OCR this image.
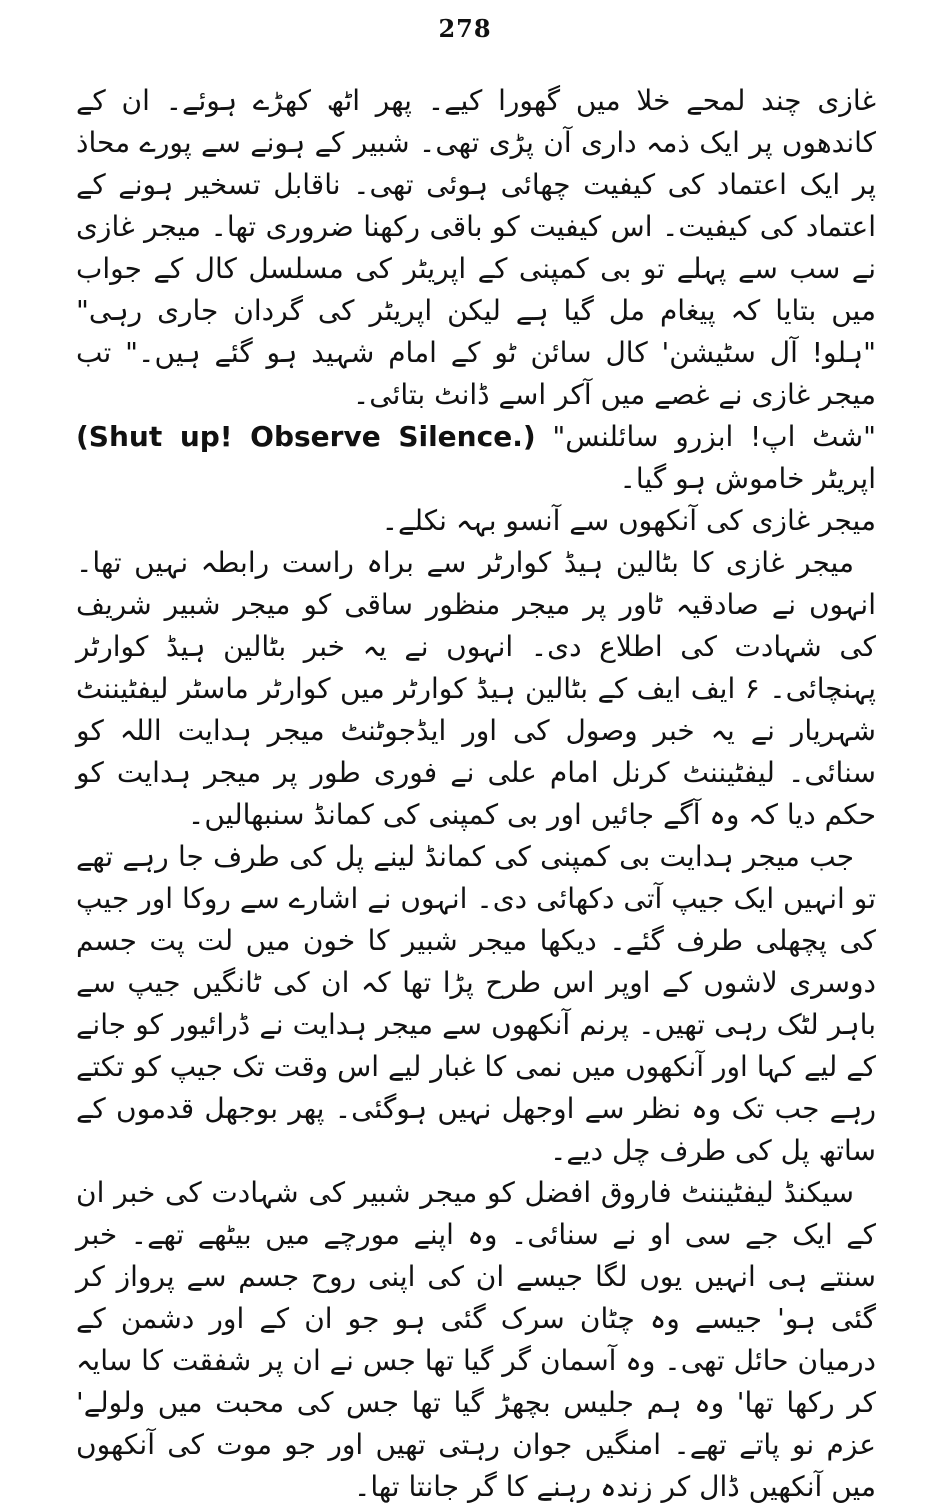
278

غازی چند لمحے خلا میں گھورا کیے۔ پھر اٹھ کھڑے ہوئے۔ ان کے کاندھوں پر ایک ذمہ داری آن پڑی تھی۔ شبیر کے ہونے سے پورے محاذ پر ایک اعتماد کی کیفیت چھائی ہوئی تھی۔ ناقابل تسخیر ہونے کے اعتماد کی کیفیت۔ اس کیفیت کو باقی رکھنا ضروری تھا۔ میجر غازی نے سب سے پہلے تو بی کمپنی کے اپریٹر کی مسلسل کال کے جواب میں بتایا کہ پیغام مل گیا ہے لیکن اپریٹر کی گردان جاری رہی" "ہلو! آل سٹیشن' کال سائن ٹو کے امام شہید ہو گئے ہیں۔" تب میجر غازی نے غصے میں آکر اسے ڈانٹ بتائی۔

"شٹ اپ! ابزرو سائلنس" (Shut up! Observe Silence.) اپریٹر خاموش ہو گیا۔

میجر غازی کی آنکھوں سے آنسو بہہ نکلے۔

میجر غازی کا بٹالین ہیڈ کوارٹر سے براہ راست رابطہ نہیں تھا۔ انہوں نے صادقیہ ٹاور پر میجر منظور ساقی کو میجر شبیر شریف کی شہادت کی اطلاع دی۔ انہوں نے یہ خبر بٹالین ہیڈ کوارٹر پہنچائی۔ ۶ ایف ایف کے بٹالین ہیڈ کوارٹر میں کوارٹر ماسٹر لیفٹیننٹ شہریار نے یہ خبر وصول کی اور ایڈجوٹنٹ میجر ہدایت اللہ کو سنائی۔ لیفٹیننٹ کرنل امام علی نے فوری طور پر میجر ہدایت کو حکم دیا کہ وہ آگے جائیں اور بی کمپنی کی کمانڈ سنبھالیں۔

جب میجر ہدایت بی کمپنی کی کمانڈ لینے پل کی طرف جا رہے تھے تو انہیں ایک جیپ آتی دکھائی دی۔ انہوں نے اشارے سے روکا اور جیپ کی پچھلی طرف گئے۔ دیکھا میجر شبیر کا خون میں لت پت جسم دوسری لاشوں کے اوپر اس طرح پڑا تھا کہ ان کی ٹانگیں جیپ سے باہر لٹک رہی تھیں۔ پرنم آنکھوں سے میجر ہدایت نے ڈرائیور کو جانے کے لیے کہا اور آنکھوں میں نمی کا غبار لیے اس وقت تک جیپ کو تکتے رہے جب تک وہ نظر سے اوجھل نہیں ہوگئی۔ پھر بوجھل قدموں کے ساتھ پل کی طرف چل دیے۔

سیکنڈ لیفٹیننٹ فاروق افضل کو میجر شبیر کی شہادت کی خبر ان کے ایک جے سی او نے سنائی۔ وہ اپنے مورچے میں بیٹھے تھے۔ خبر سنتے ہی انہیں یوں لگا جیسے ان کی اپنی روح جسم سے پرواز کر گئی ہو' جیسے وہ چٹان سرک گئی ہو جو ان کے اور دشمن کے درمیان حائل تھی۔ وہ آسمان گر گیا تھا جس نے ان پر شفقت کا سایہ کر رکھا تھا' وہ ہم جلیس بچھڑ گیا تھا جس کی محبت میں ولولے' عزم نو پاتے تھے۔ امنگیں جوان رہتی تھیں اور جو موت کی آنکھوں میں آنکھیں ڈال کر زندہ رہنے کا گر جانتا تھا۔
